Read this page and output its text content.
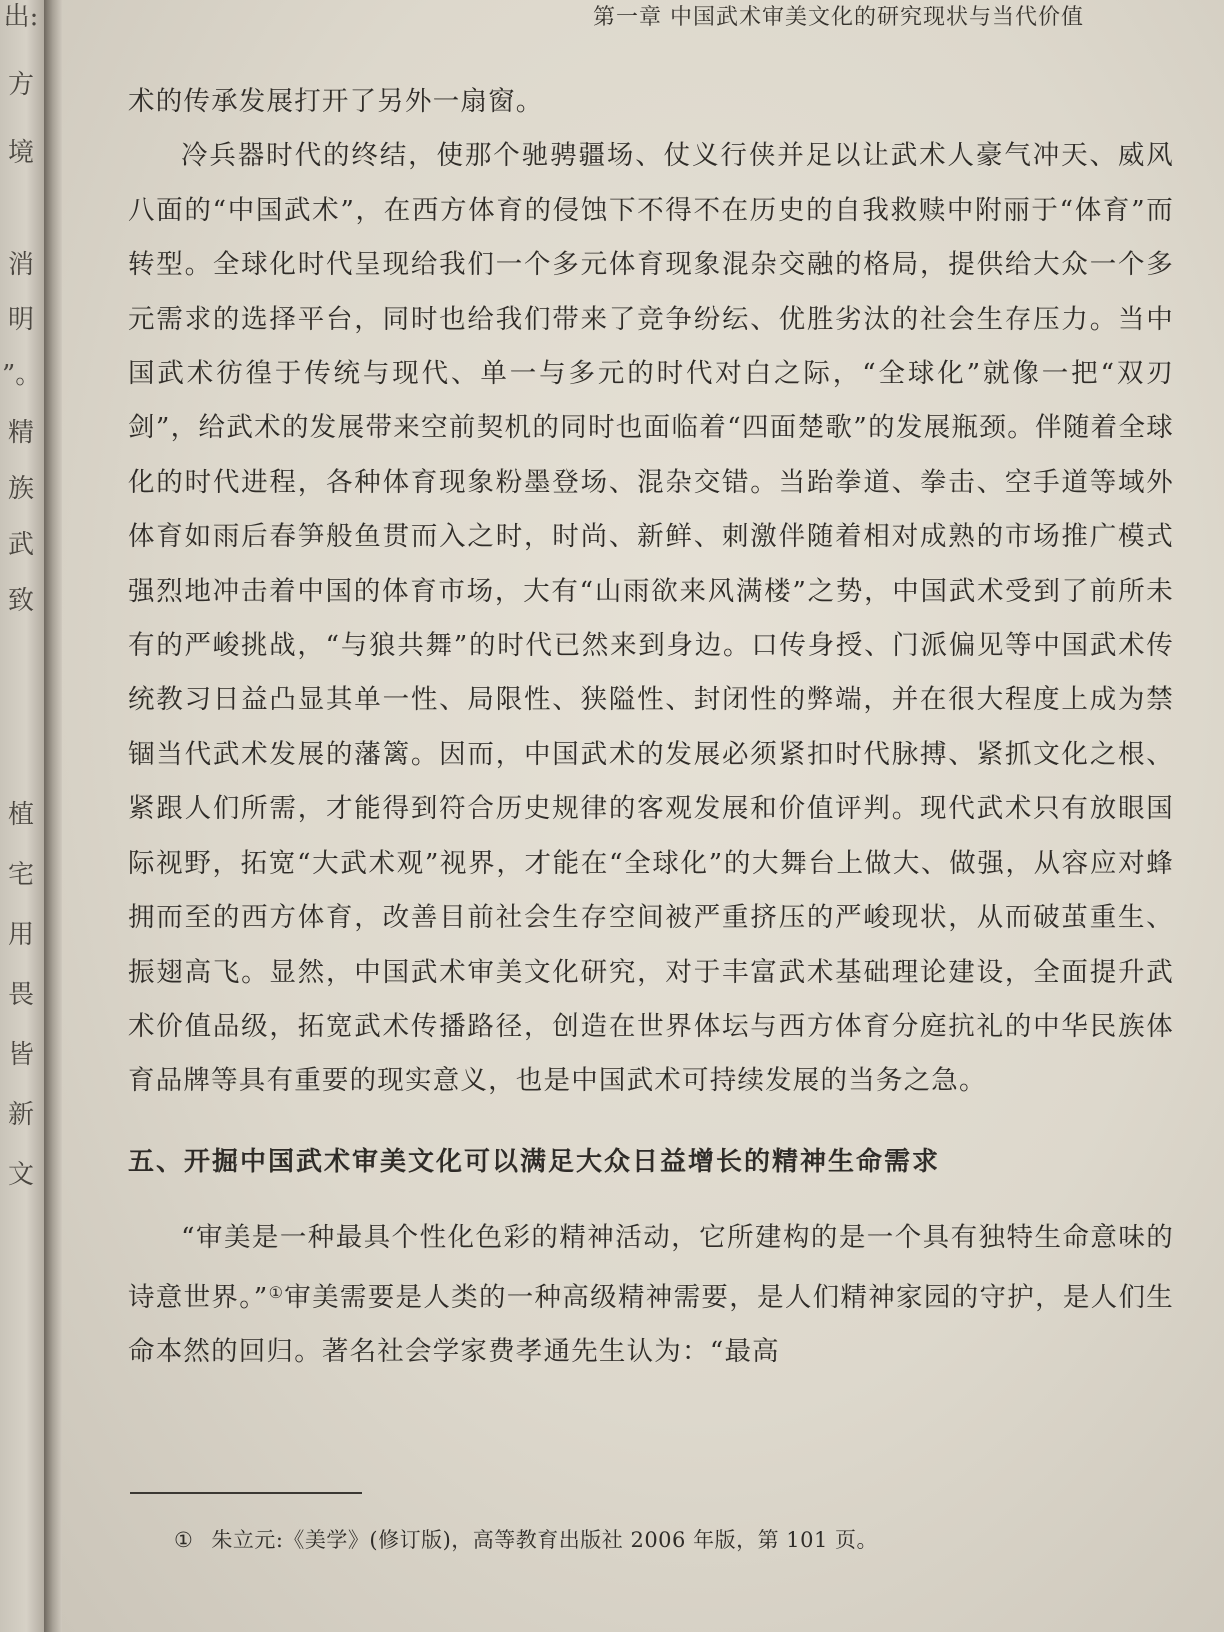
出:
方
境
消
明
”。
精
族
武
致
植
宅
用
畏
皆
新
文
第一章 中国武术审美文化的研究现状与当代价值

术的传承发展打开了另外一扇窗。

冷兵器时代的终结，使那个驰骋疆场、仗义行侠并足以让武术人豪气冲天、威风八面的“中国武术”，在西方体育的侵蚀下不得不在历史的自我救赎中附丽于“体育”而转型。全球化时代呈现给我们一个多元体育现象混杂交融的格局，提供给大众一个多元需求的选择平台，同时也给我们带来了竞争纷纭、优胜劣汰的社会生存压力。当中国武术彷徨于传统与现代、单一与多元的时代对白之际，“全球化”就像一把“双刃剑”，给武术的发展带来空前契机的同时也面临着“四面楚歌”的发展瓶颈。伴随着全球化的时代进程，各种体育现象粉墨登场、混杂交错。当跆拳道、拳击、空手道等域外体育如雨后春笋般鱼贯而入之时，时尚、新鲜、刺激伴随着相对成熟的市场推广模式强烈地冲击着中国的体育市场，大有“山雨欲来风满楼”之势，中国武术受到了前所未有的严峻挑战，“与狼共舞”的时代已然来到身边。口传身授、门派偏见等中国武术传统教习日益凸显其单一性、局限性、狭隘性、封闭性的弊端，并在很大程度上成为禁锢当代武术发展的藩篱。因而，中国武术的发展必须紧扣时代脉搏、紧抓文化之根、紧跟人们所需，才能得到符合历史规律的客观发展和价值评判。现代武术只有放眼国际视野，拓宽“大武术观”视界，才能在“全球化”的大舞台上做大、做强，从容应对蜂拥而至的西方体育，改善目前社会生存空间被严重挤压的严峻现状，从而破茧重生、振翅高飞。显然，中国武术审美文化研究，对于丰富武术基础理论建设，全面提升武术价值品级，拓宽武术传播路径，创造在世界体坛与西方体育分庭抗礼的中华民族体育品牌等具有重要的现实意义，也是中国武术可持续发展的当务之急。

五、开掘中国武术审美文化可以满足大众日益增长的精神生命需求

“审美是一种最具个性化色彩的精神活动，它所建构的是一个具有独特生命意味的诗意世界。”①审美需要是人类的一种高级精神需要，是人们精神家园的守护，是人们生命本然的回归。著名社会学家费孝通先生认为：“最高

① 朱立元:《美学》(修订版)，高等教育出版社 2006 年版，第 101 页。
